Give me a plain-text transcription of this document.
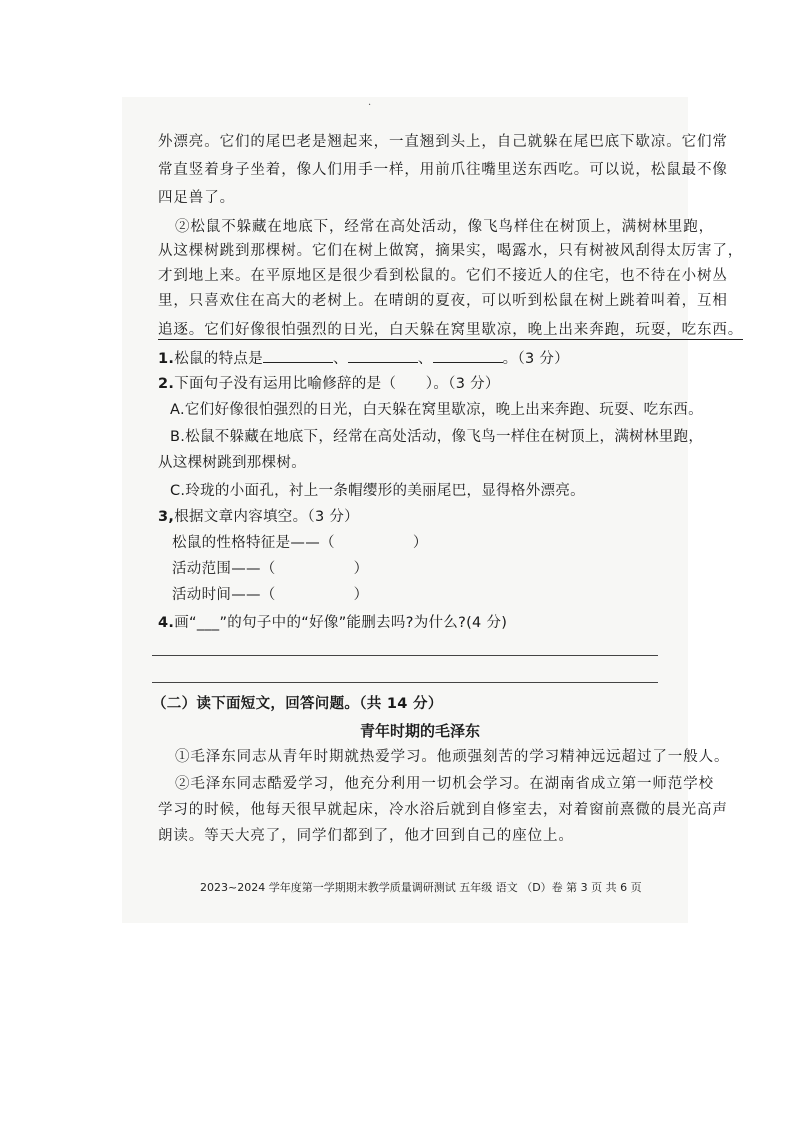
·
外漂亮。它们的尾巴老是翘起来，一直翘到头上，自己就躲在尾巴底下歇凉。它们常
常直竖着身子坐着，像人们用手一样，用前爪往嘴里送东西吃。可以说，松鼠最不像
四足兽了。
②松鼠不躲藏在地底下，经常在高处活动，像飞鸟样住在树顶上，满树林里跑，
从这棵树跳到那棵树。它们在树上做窝，摘果实，喝露水，只有树被风刮得太厉害了，
才到地上来。在平原地区是很少看到松鼠的。它们不接近人的住宅，也不待在小树丛
里，只喜欢住在高大的老树上。在晴朗的夏夜，可以听到松鼠在树上跳着叫着，互相
追逐。它们好像很怕强烈的日光，白天躲在窝里歇凉，晚上出来奔跑，玩耍，吃东西。
1.松鼠的特点是	、	、	。（3 分）
2.下面句子没有运用比喻修辞的是（　　）。（3 分）
A.它们好像很怕强烈的日光，白天躲在窝里歇凉，晚上出来奔跑、玩耍、吃东西。
B.松鼠不躲藏在地底下，经常在高处活动，像飞鸟一样住在树顶上，满树林里跑，
从这棵树跳到那棵树。
C.玲珑的小面孔，衬上一条帽缨形的美丽尾巴，显得格外漂亮。
3,根据文章内容填空。（3 分）
松鼠的性格特征是——（	）
活动范围——（	）
活动时间——（	）
4.画“___”的句子中的“好像”能删去吗?为什么?(4 分)
（二）读下面短文，回答问题。（共 14 分）
青年时期的毛泽东
①毛泽东同志从青年时期就热爱学习。他顽强刻苦的学习精神远远超过了一般人。
②毛泽东同志酷爱学习，他充分利用一切机会学习。在湖南省成立第一师范学校
学习的时候，他每天很早就起床，冷水浴后就到自修室去，对着窗前熹微的晨光高声
朗读。等天大亮了，同学们都到了，他才回到自己的座位上。
2023~2024 学年度第一学期期末教学质量调研测试 五年级 语文 （D）卷 第 3 页 共 6 页
